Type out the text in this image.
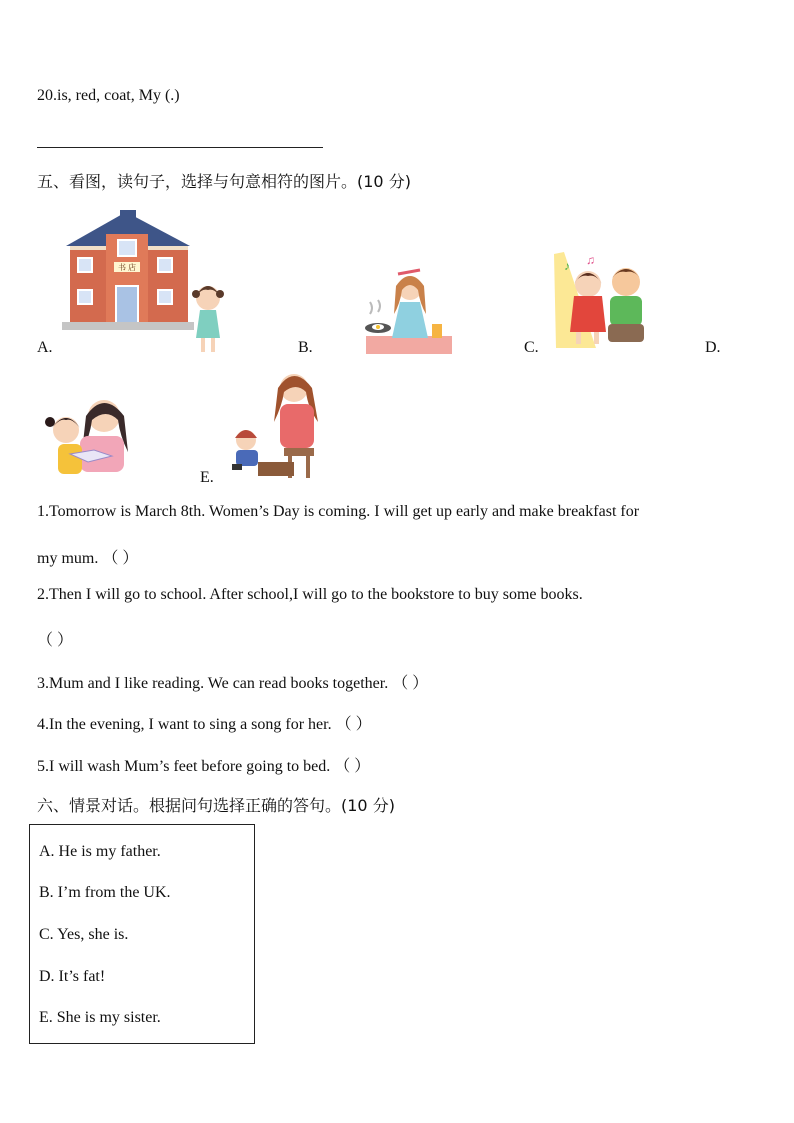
20.is, red, coat, My (.)
五、看图，读句子，选择与句意相符的图片。(10 分)
书 店
A.	B.
♪ ♫
C.	D.
E.
1.Tomorrow is March 8th. Women’s Day is coming. I will get up early and make breakfast for
my mum. （ ）
2.Then I will go to school. After school,I will go to the bookstore to buy some books.
（ ）
3.Mum and I like reading. We can read books together. （ ）
4.In the evening, I want to sing a song for her. （ ）
5.I will wash Mum’s feet before going to bed. （ ）
六、情景对话。根据问句选择正确的答句。(10 分)
A. He is my father.
B. I’m from the UK.
C. Yes, she is.
D. It’s fat!
E. She is my sister.
